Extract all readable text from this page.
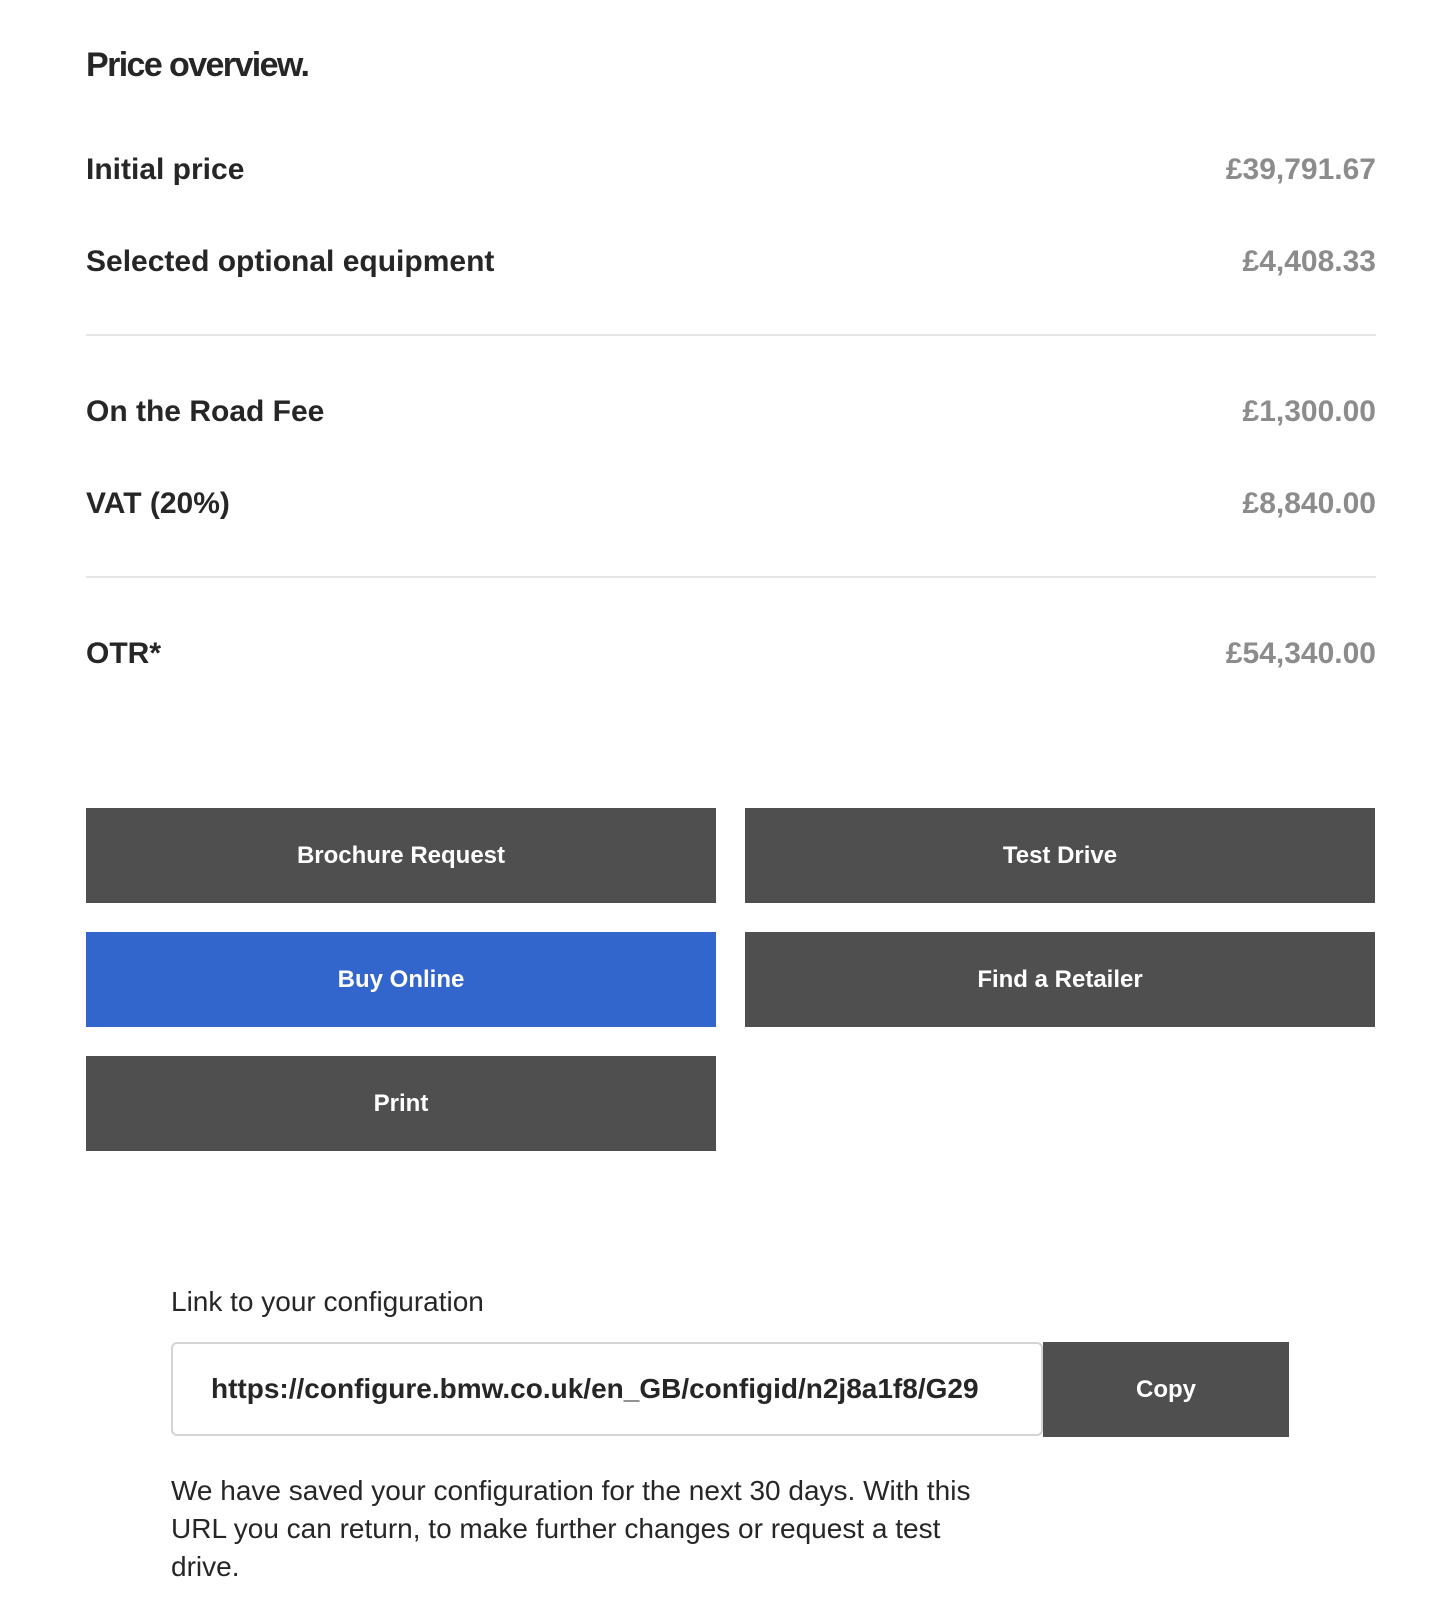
Price overview.
Initial price	£39,791.67
Selected optional equipment	£4,408.33
On the Road Fee	£1,300.00
VAT (20%)	£8,840.00
OTR*	£54,340.00
Brochure Request	Test Drive
Buy Online	Find a Retailer
Print
Link to your configuration
https://configure.bmw.co.uk/en_GB/configid/n2j8a1f8/G29
Copy

We have saved your configuration for the next 30 days. With this URL you can return, to make further changes or request a test drive.
